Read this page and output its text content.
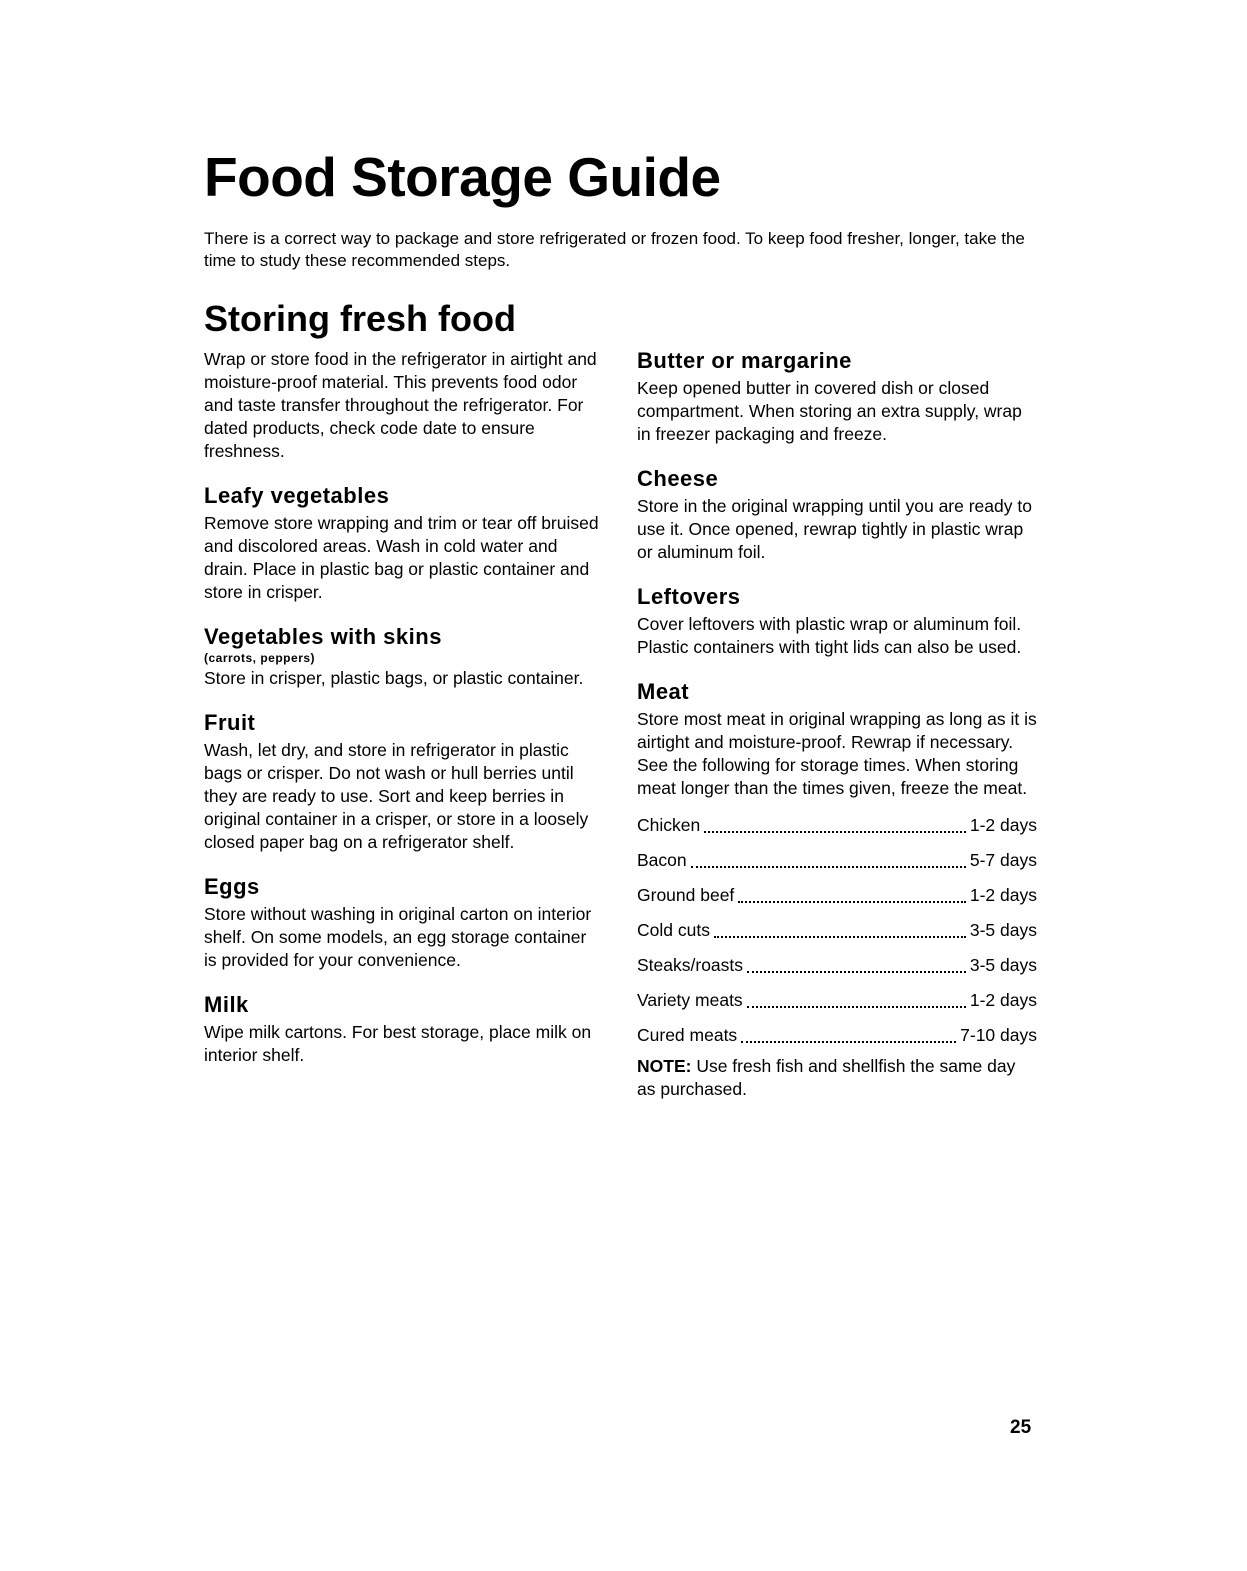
Food Storage Guide

There is a correct way to package and store refrigerated or frozen food. To keep food fresher, longer, take the time to study these recommended steps.

Storing fresh food

Wrap or store food in the refrigerator in airtight and moisture-proof material. This prevents food odor and taste transfer throughout the refrigerator. For dated products, check code date to ensure freshness.

Leafy vegetables

Remove store wrapping and trim or tear off bruised and discolored areas. Wash in cold water and drain. Place in plastic bag or plastic container and store in crisper.

Vegetables with skins
(carrots, peppers)

Store in crisper, plastic bags, or plastic container.

Fruit

Wash, let dry, and store in refrigerator in plastic bags or crisper. Do not wash or hull berries until they are ready to use. Sort and keep berries in original container in a crisper, or store in a loosely closed paper bag on a refrigerator shelf.

Eggs

Store without washing in original carton on interior shelf. On some models, an egg storage container is provided for your convenience.

Milk

Wipe milk cartons. For best storage, place milk on interior shelf.

Butter or margarine

Keep opened butter in covered dish or closed compartment. When storing an extra supply, wrap in freezer packaging and freeze.

Cheese

Store in the original wrapping until you are ready to use it. Once opened, rewrap tightly in plastic wrap or aluminum foil.

Leftovers

Cover leftovers with plastic wrap or aluminum foil. Plastic containers with tight lids can also be used.

Meat

Store most meat in original wrapping as long as it is airtight and moisture-proof. Rewrap if necessary. See the following for storage times. When storing meat longer than the times given, freeze the meat.

Chicken	1-2 days
Bacon	5-7 days
Ground beef	1-2 days
Cold cuts	3-5 days
Steaks/roasts	3-5 days
Variety meats	1-2 days
Cured meats	7-10 days

NOTE: Use fresh fish and shellfish the same day as purchased.

25
